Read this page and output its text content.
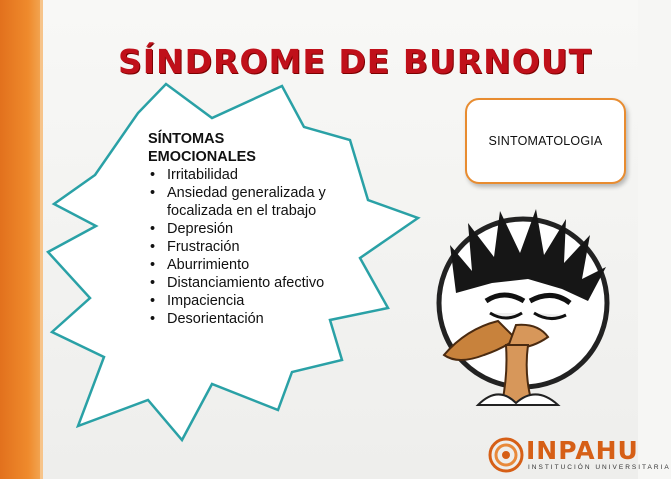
SÍNDROME DE BURNOUT

SÍNTOMAS

EMOCIONALES

• Irritabilidad
• Ansiedad generalizada y focalizada en el trabajo
• Depresión
• Frustración
• Aburrimiento
• Distanciamiento afectivo
• Impaciencia
• Desorientación
SINTOMATOLOGIA

INPAHU

INSTITUCIÓN UNIVERSITARIA
